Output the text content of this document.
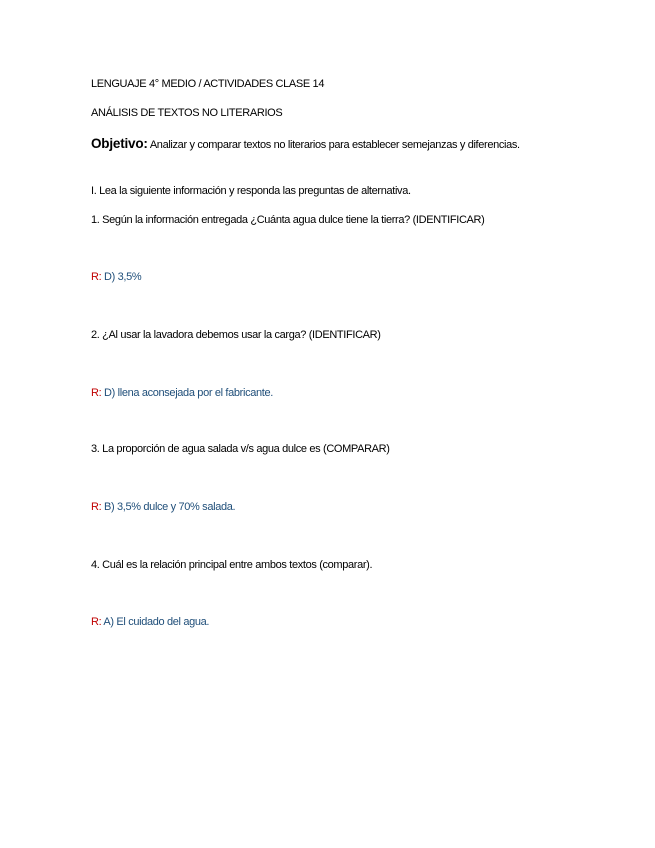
LENGUAJE 4° MEDIO / ACTIVIDADES CLASE 14
ANÁLISIS DE TEXTOS NO LITERARIOS
Objetivo: Analizar y comparar textos no literarios para establecer semejanzas y diferencias.
I. Lea la siguiente información y responda las preguntas de alternativa.
1. Según la información entregada ¿Cuánta agua dulce tiene la tierra? (IDENTIFICAR)
R: D) 3,5%
2. ¿Al usar la lavadora debemos usar la carga? (IDENTIFICAR)
R: D) llena aconsejada por el fabricante.
3. La proporción de agua salada v/s agua dulce es (COMPARAR)
R: B) 3,5% dulce y 70% salada.
4. Cuál es la relación principal entre ambos textos (comparar).
R: A) El cuidado del agua.
